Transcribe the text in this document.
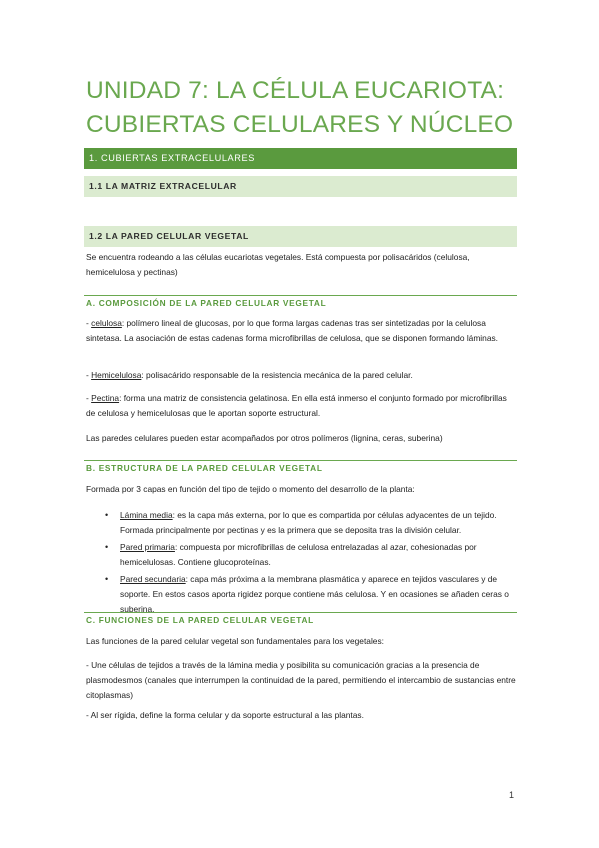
UNIDAD 7: LA CÉLULA EUCARIOTA:
CUBIERTAS CELULARES Y NÚCLEO
1. CUBIERTAS EXTRACELULARES
1.1 LA MATRIZ EXTRACELULAR
1.2 LA PARED CELULAR VEGETAL
Se encuentra rodeando a las células eucariotas vegetales. Está compuesta por polisacáridos (celulosa, hemicelulosa y pectinas)
A. COMPOSICIÓN DE LA PARED CELULAR VEGETAL
- celulosa: polímero lineal de glucosas, por lo que forma largas cadenas tras ser sintetizadas por la celulosa sintetasa. La asociación de estas cadenas forma microfibrillas de celulosa, que se disponen formando láminas.
- Hemicelulosa: polisacárido responsable de la resistencia mecánica de la pared celular.
- Pectina: forma una matriz de consistencia gelatinosa. En ella está inmerso el conjunto formado por microfibrillas de celulosa y hemicelulosas que le aportan soporte estructural.
Las paredes celulares pueden estar acompañados por otros polímeros (lignina, ceras, suberina)
B. ESTRUCTURA DE LA PARED CELULAR VEGETAL
Formada por 3 capas en función del tipo de tejido o momento del desarrollo de la planta:
• Lámina media: es la capa más externa, por lo que es compartida por células adyacentes de un tejido. Formada principalmente por pectinas y es la primera que se deposita tras la división celular.
• Pared primaria: compuesta por microfibrillas de celulosa entrelazadas al azar, cohesionadas por hemicelulosas. Contiene glucoproteínas.
• Pared secundaria: capa más próxima a la membrana plasmática y aparece en tejidos vasculares y de soporte. En estos casos aporta rigidez porque contiene más celulosa. Y en ocasiones se añaden ceras o suberina.
C. FUNCIONES DE LA PARED CELULAR VEGETAL
Las funciones de la pared celular vegetal son fundamentales para los vegetales:
- Une células de tejidos a través de la lámina media y posibilita su comunicación gracias a la presencia de plasmodesmos (canales que interrumpen la continuidad de la pared, permitiendo el intercambio de sustancias entre citoplasmas)
- Al ser rígida, define la forma celular y da soporte estructural a las plantas.
1
